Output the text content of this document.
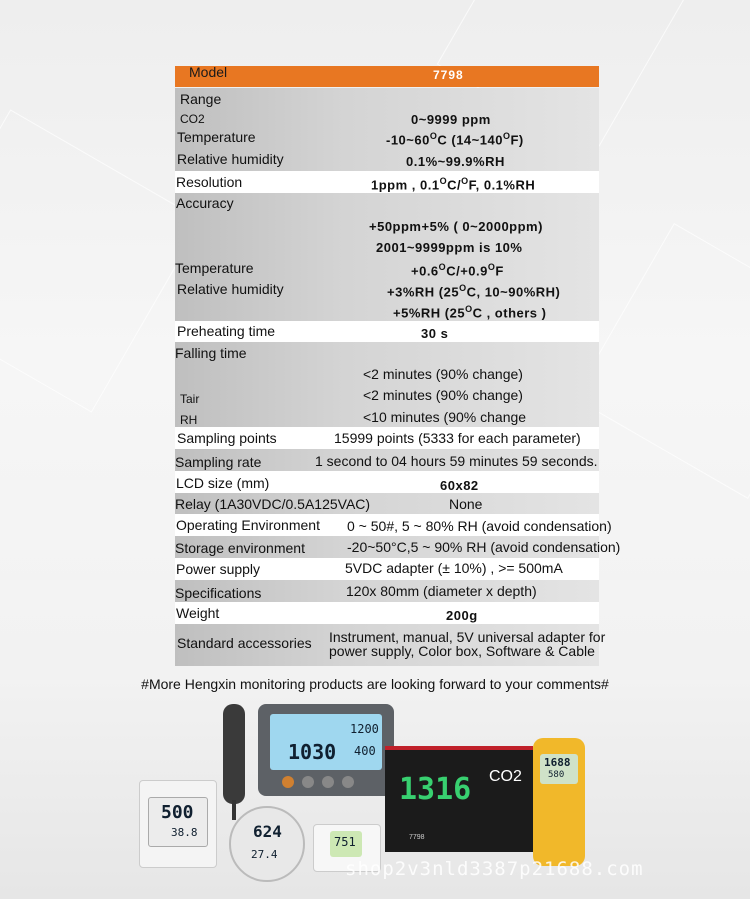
Model	7798
Range
CO2	0~9999 ppm
Temperature	$-10\sim 60^OC$ $(14\sim 140^OF)$
Relative humidity	0.1%~99.9%RH
Resolution	1ppm , $0.1^OC/^OF$, 0.1%RH
Accuracy
+50ppm+5% ( 0~2000ppm)
2001~9999ppm is 10%
Temperature	$+0.6^OC/+0.9^OF$
Relative humidity	+3%RH ($25^OC$, 10~90%RH)
+5%RH ($25^OC$ , others )
Preheating time	30 s
Falling time
<2 minutes (90% change)
Tair	<2 minutes (90% change)
RH	<10 minutes (90% change
Sampling points	15999 points (5333 for each parameter)
Sampling rate	1 second to 04 hours 59 minutes 59 seconds.
LCD size (mm)	60x82
Relay (1A30VDC/0.5A125VAC)	None
Operating Environment 0 ~ 50#, 5 ~ 80% RH (avoid condensation)
Storage environment	-20~50°C,5 ~ 90% RH (avoid condensation)
Power supply	5VDC adapter (± 10%) , >= 500mA
Specifications	120x 80mm (diameter x depth)
Weight	200g
Standard accessories Instrument, manual, 5V universal adapter for
power supply, Color box, Software & Cable
#More Hengxin monitoring products are looking forward to your comments#
1030
1200
400
1316 CO2
7798
1688
580
500
38.8	624
27.4
751
shop2v3nld3387p21688.com
